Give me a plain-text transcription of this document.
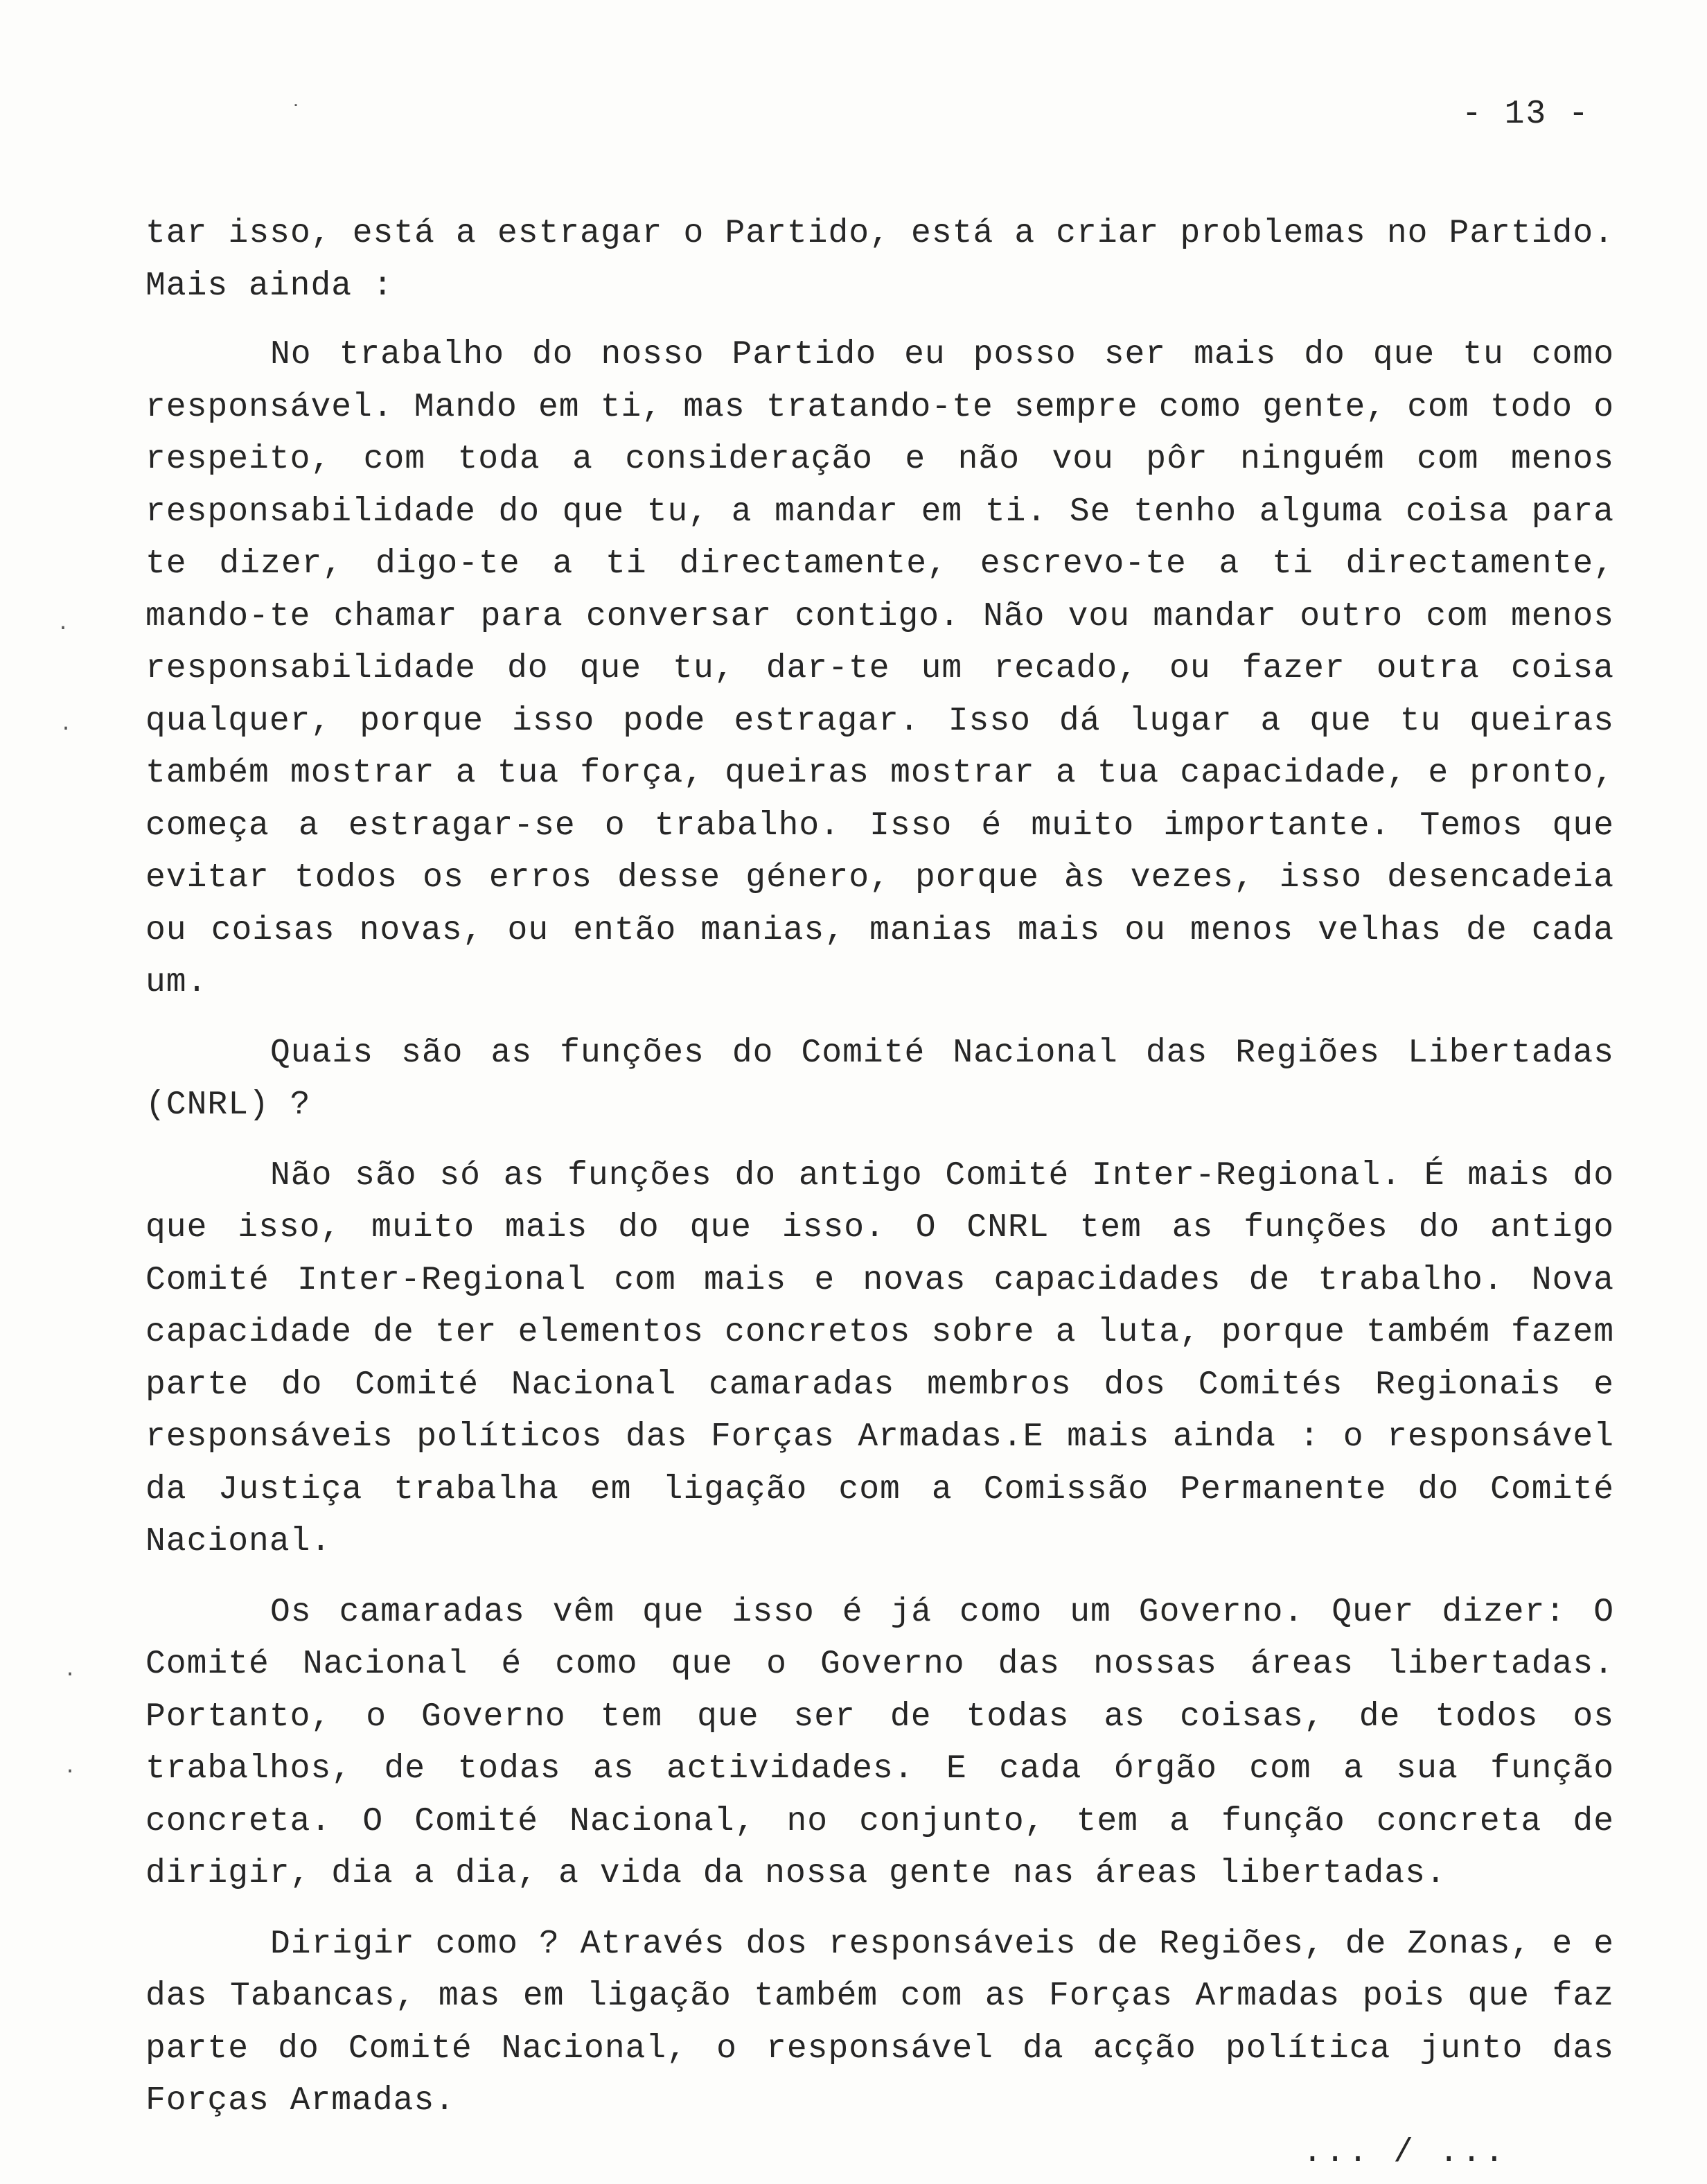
- 13 -
˙
·
·
·
·

tar isso, está a estragar o Partido, está a criar problemas no Partido. Mais ainda :

No trabalho do nosso Partido eu posso ser mais do que tu como responsável. Mando em ti, mas tratando-te sempre como gente, com todo o respeito, com toda a consideração e não vou pôr ninguém com menos responsabilidade do que tu, a mandar em ti. Se tenho alguma coisa para te dizer, digo-te a ti directamente, escrevo-te a ti directamente, mando-te chamar para conversar contigo. Não vou mandar outro com menos responsabilidade do que tu, dar-te um recado, ou fazer outra coisa qualquer, porque isso pode estragar. Isso dá lugar a que tu queiras também mostrar a tua força, queiras mostrar a tua capacidade, e pronto, começa a estragar-se o trabalho. Isso é muito importante. Temos que evitar todos os erros desse género, porque às vezes, isso desencadeia ou coisas novas, ou então manias, manias mais ou menos velhas de cada um.

Quais são as funções do Comité Nacional das Regiões Libertadas (CNRL) ?

Não são só as funções do antigo Comité Inter-Regional. É mais do que isso, muito mais do que isso. O CNRL tem as funções do antigo Comité Inter-Regional com mais e novas capacidades de trabalho. Nova capacidade de ter elementos concretos sobre a luta, porque também fazem parte do Comité Nacional camaradas membros dos Comités Regionais e responsáveis políticos das Forças Armadas.E mais ainda : o responsável da Justiça trabalha em ligação com a Comissão Permanente do Comité Nacional.

Os camaradas vêm que isso é já como um Governo. Quer dizer: O Comité Nacional é como que o Governo das nossas áreas libertadas. Portanto, o Governo tem que ser de todas as coisas, de todos os trabalhos, de todas as actividades. E cada órgão com a sua função concreta. O Comité Nacional, no conjunto, tem a função concreta de dirigir, dia a dia, a vida da nossa gente nas áreas libertadas.

Dirigir como ? Através dos responsáveis de Regiões, de Zonas, e e das Tabancas, mas em ligação também com as Forças Armadas pois que faz parte do Comité Nacional, o responsável da acção política junto das Forças Armadas.

... / ...
